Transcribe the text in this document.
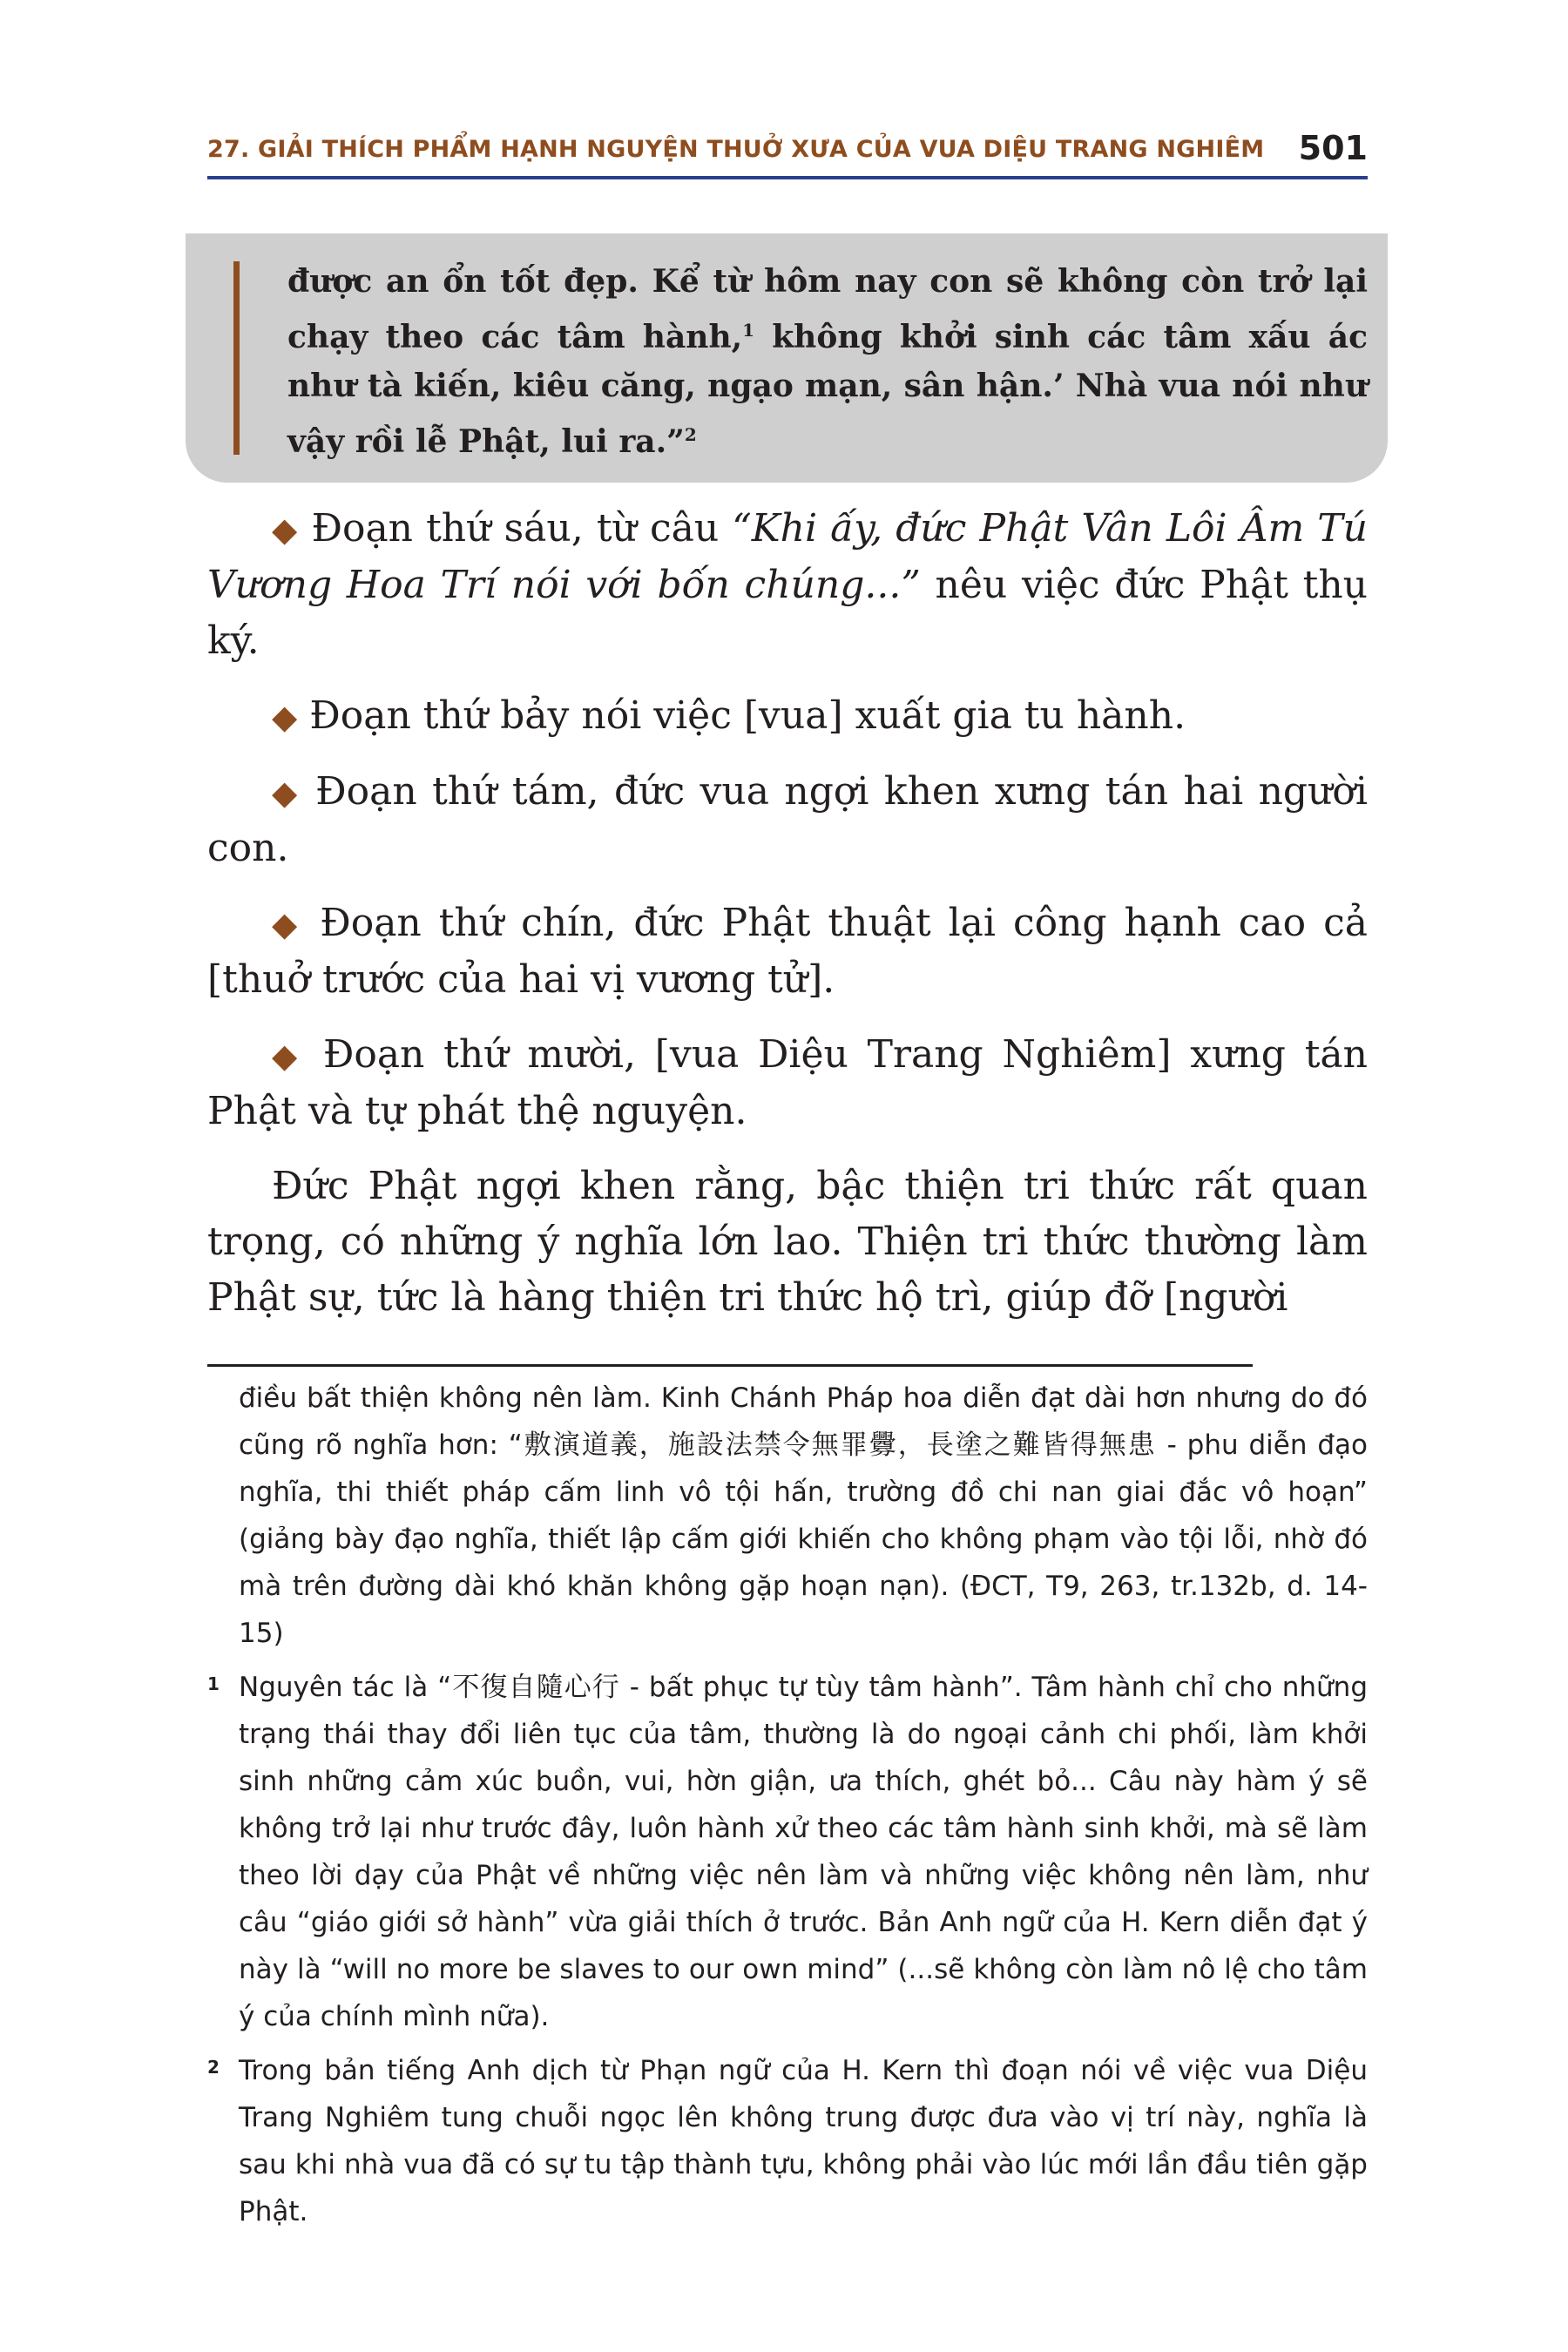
27. GIẢI THÍCH PHẨM HẠNH NGUYỆN THUỞ XƯA CỦA VUA DIỆU TRANG NGHIÊM 501
được an ổn tốt đẹp. Kể từ hôm nay con sẽ không còn trở lại chạy theo các tâm hành,$^1$ không khởi sinh các tâm xấu ác như tà kiến, kiêu căng, ngạo mạn, sân hận.’ Nhà vua nói như vậy rồi lễ Phật, lui ra.”$^2$

◆ Đoạn thứ sáu, từ câu “Khi ấy, đức Phật Vân Lôi Âm Tú Vương Hoa Trí nói với bốn chúng...” nêu việc đức Phật thụ ký.

◆ Đoạn thứ bảy nói việc [vua] xuất gia tu hành.

◆ Đoạn thứ tám, đức vua ngợi khen xưng tán hai người con.

◆ Đoạn thứ chín, đức Phật thuật lại công hạnh cao cả [thuở trước của hai vị vương tử].

◆ Đoạn thứ mười, [vua Diệu Trang Nghiêm] xưng tán Phật và tự phát thệ nguyện.

Đức Phật ngợi khen rằng, bậc thiện tri thức rất quan trọng, có những ý nghĩa lớn lao. Thiện tri thức thường làm Phật sự, tức là hàng thiện tri thức hộ trì, giúp đỡ [người

điều bất thiện không nên làm. Kinh Chánh Pháp hoa diễn đạt dài hơn nhưng do đó cũng rõ nghĩa hơn: “敷演道義，施設法禁令無罪釁，長塗之難皆得無患 - phu diễn đạo nghĩa, thi thiết pháp cấm linh vô tội hấn, trường đồ chi nan giai đắc vô hoạn” (giảng bày đạo nghĩa, thiết lập cấm giới khiến cho không phạm vào tội lỗi, nhờ đó mà trên đường dài khó khăn không gặp hoạn nạn). (ĐCT, T9, 263, tr.132b, d. 14-15)

1 Nguyên tác là “不復自隨心行 - bất phục tự tùy tâm hành”. Tâm hành chỉ cho những trạng thái thay đổi liên tục của tâm, thường là do ngoại cảnh chi phối, làm khởi sinh những cảm xúc buồn, vui, hờn giận, ưa thích, ghét bỏ... Câu này hàm ý sẽ không trở lại như trước đây, luôn hành xử theo các tâm hành sinh khởi, mà sẽ làm theo lời dạy của Phật về những việc nên làm và những việc không nên làm, như câu “giáo giới sở hành” vừa giải thích ở trước. Bản Anh ngữ của H. Kern diễn đạt ý này là “will no more be slaves to our own mind” (...sẽ không còn làm nô lệ cho tâm ý của chính mình nữa).

2 Trong bản tiếng Anh dịch từ Phạn ngữ của H. Kern thì đoạn nói về việc vua Diệu Trang Nghiêm tung chuỗi ngọc lên không trung được đưa vào vị trí này, nghĩa là sau khi nhà vua đã có sự tu tập thành tựu, không phải vào lúc mới lần đầu tiên gặp Phật.
